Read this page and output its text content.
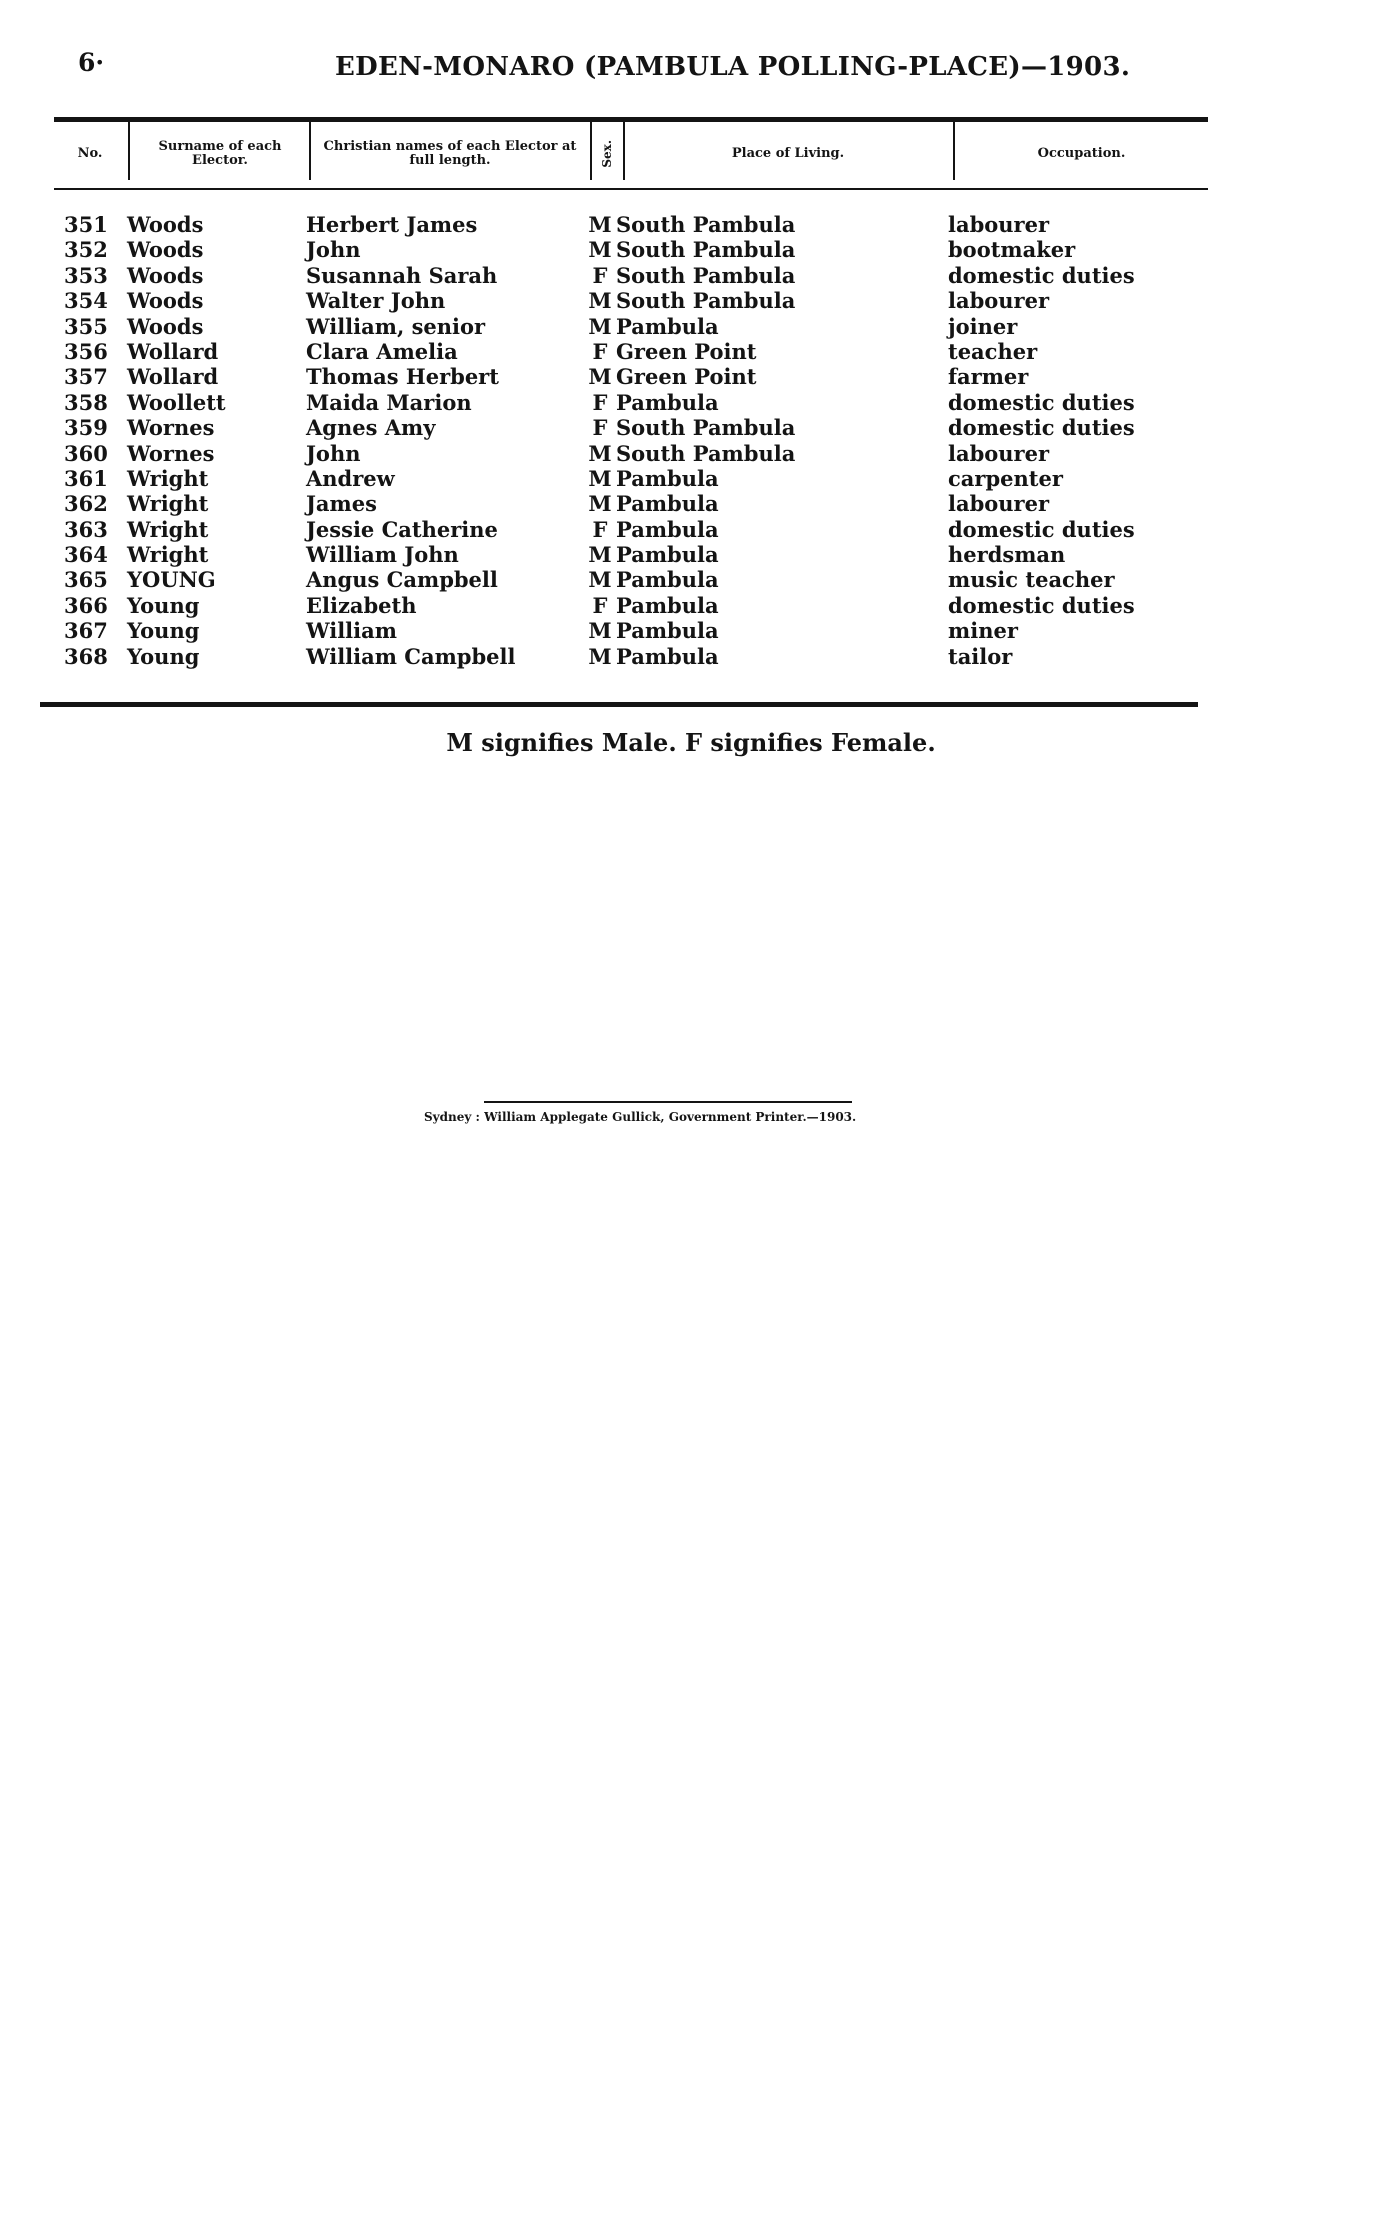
6·	EDEN-MONARO (PAMBULA POLLING-PLACE)—1903.
No.	Surname of each Elector.
Christian names of each Elector at full length.	Sex.	Place of Living.	Occupation.
351 Woods	Herbert James	M South Pambula	labourer
352 Woods	John	M South Pambula	bootmaker
353 Woods	Susannah Sarah	F South Pambula	domestic duties
354 Woods	Walter John	M South Pambula	labourer
355 Woods	William, senior	M Pambula	joiner
356 Wollard	Clara Amelia	F Green Point	teacher
357 Wollard	Thomas Herbert	M Green Point	farmer
358 Woollett	Maida Marion	F Pambula	domestic duties
359 Wornes	Agnes Amy	F South Pambula	domestic duties
360 Wornes	John	M South Pambula	labourer
361 Wright	Andrew	M Pambula	carpenter
362 Wright	James	M Pambula	labourer
363 Wright	Jessie Catherine	F Pambula	domestic duties
364 Wright	William John	M Pambula	herdsman
365 YOUNG	Angus Campbell	M Pambula	music teacher
366 Young	Elizabeth	F Pambula	domestic duties
367 Young	William	M Pambula	miner
368 Young	William Campbell	M Pambula	tailor
M signifies Male. F signifies Female.
Sydney : William Applegate Gullick, Government Printer.—1903.
